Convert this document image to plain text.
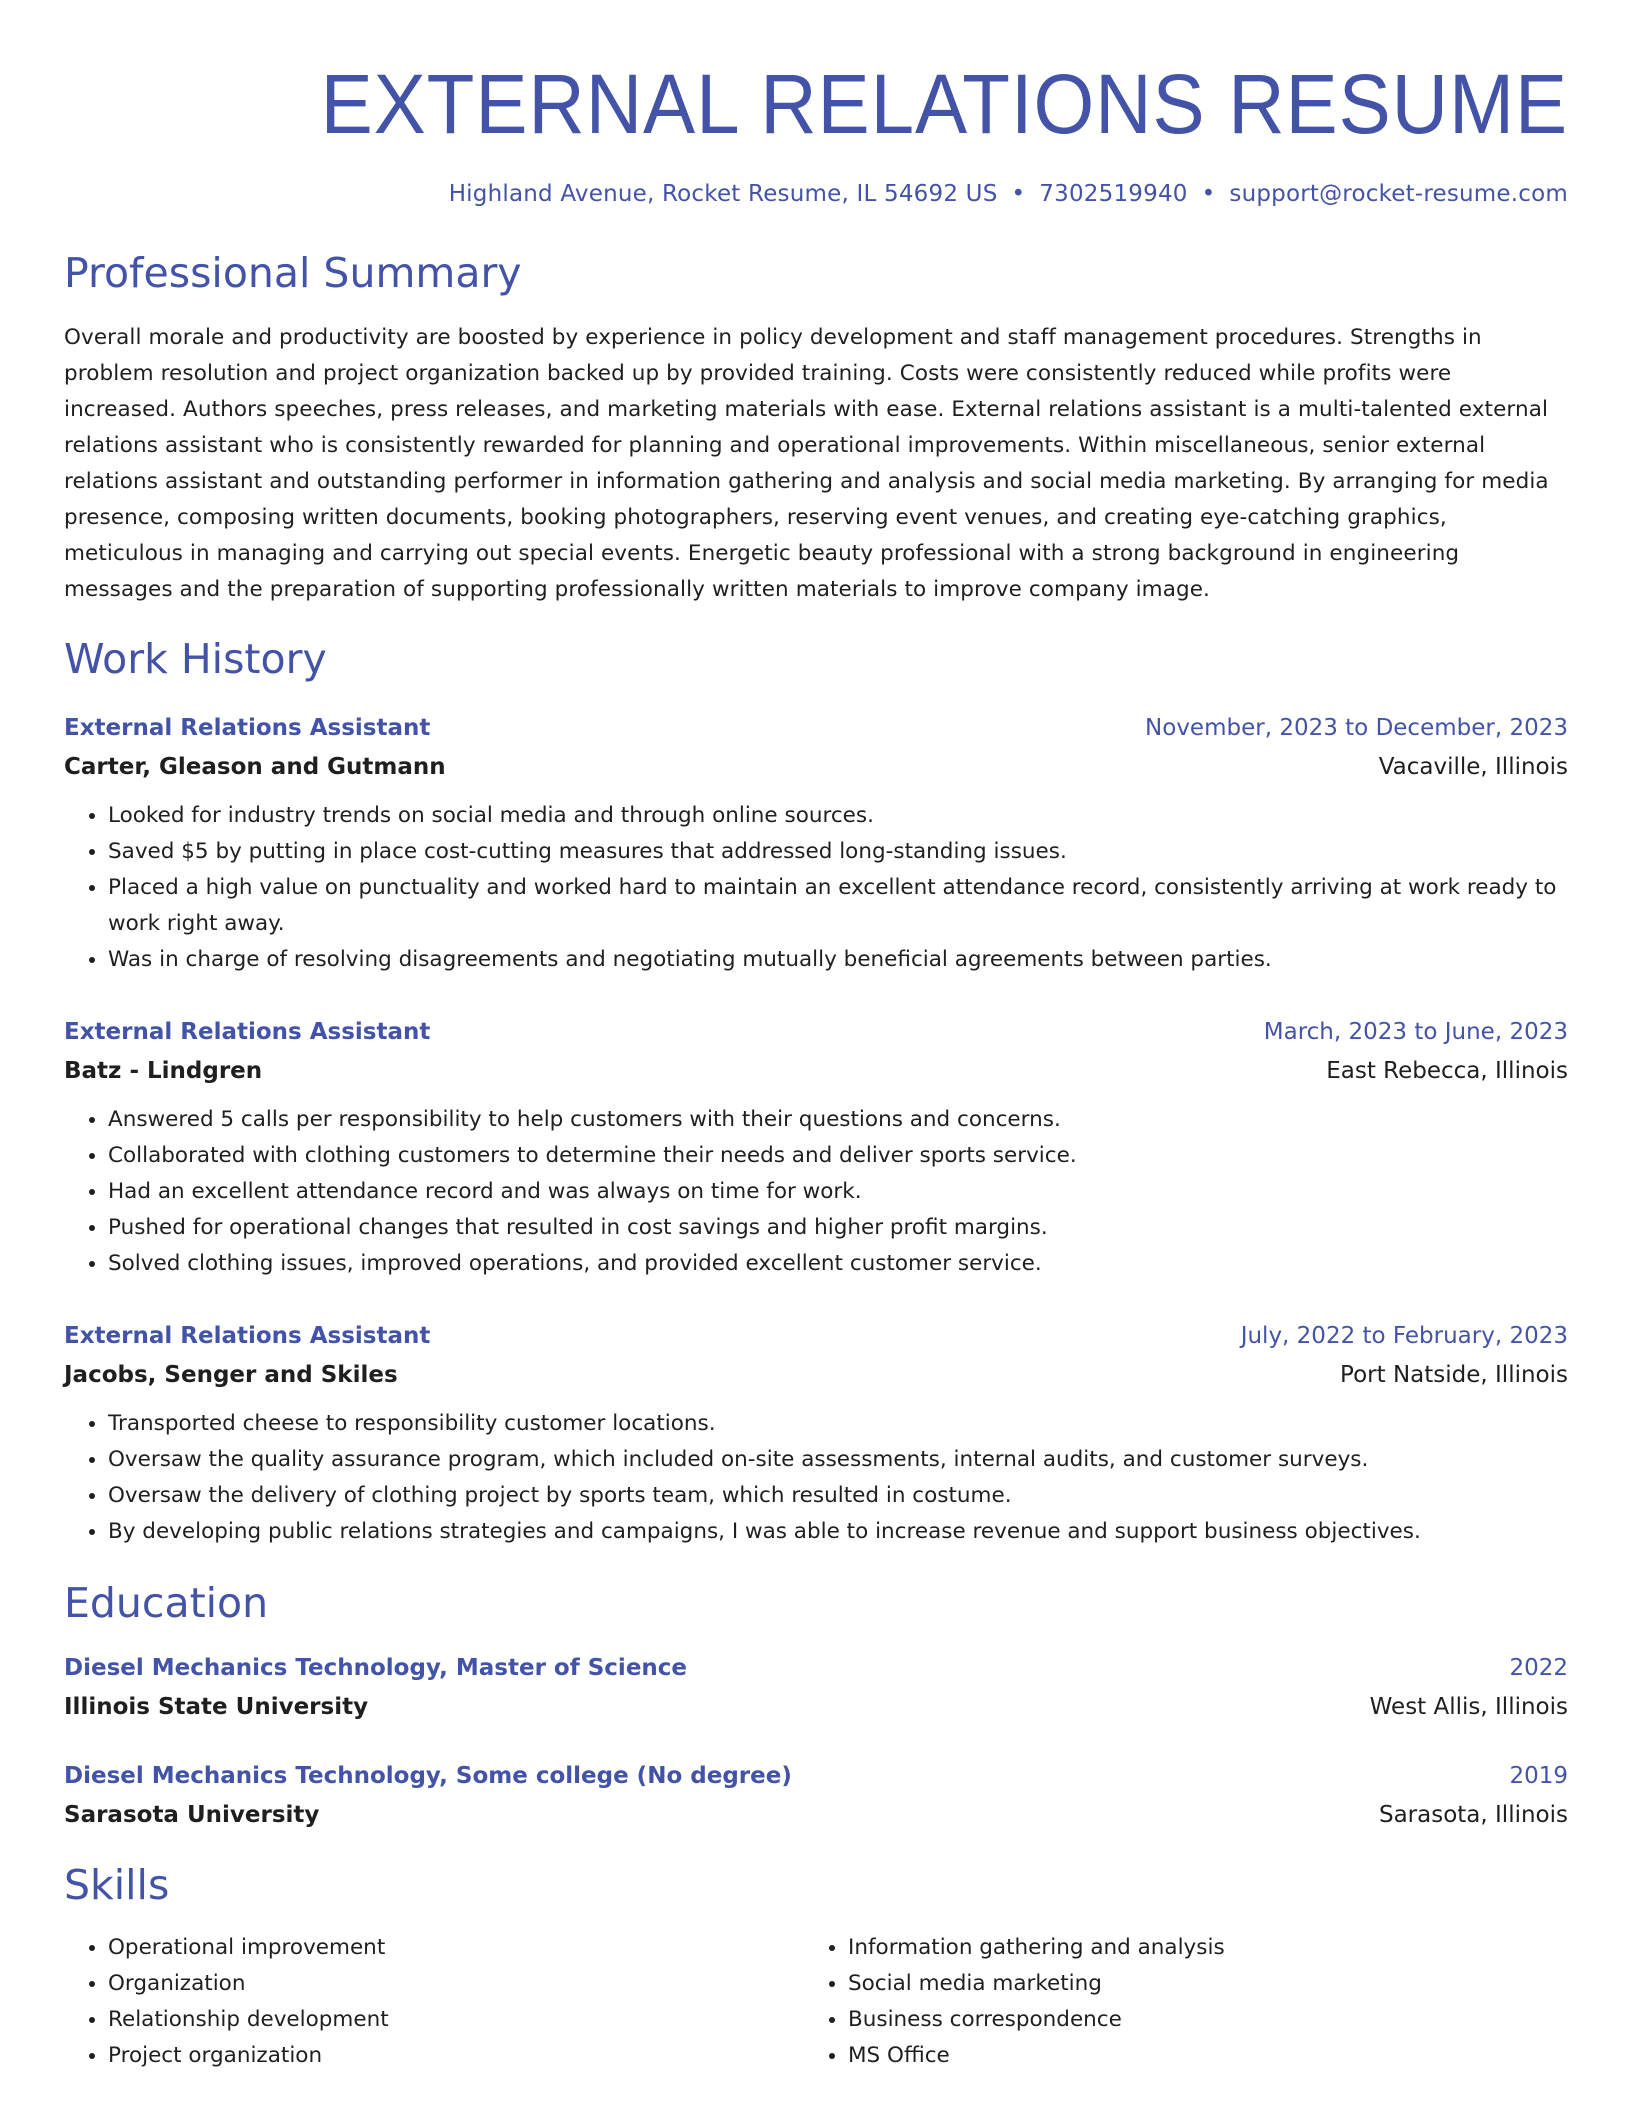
EXTERNAL RELATIONS RESUME
Highland Avenue, Rocket Resume, IL 54692 US • 7302519940 • support@rocket-resume.com
Professional Summary

Overall morale and productivity are boosted by experience in policy development and staff management procedures. Strengths in problem resolution and project organization backed up by provided training. Costs were consistently reduced while profits were increased. Authors speeches, press releases, and marketing materials with ease. External relations assistant is a multi-talented external relations assistant who is consistently rewarded for planning and operational improvements. Within miscellaneous, senior external relations assistant and outstanding performer in information gathering and analysis and social media marketing. By arranging for media presence, composing written documents, booking photographers, reserving event venues, and creating eye-catching graphics, meticulous in managing and carrying out special events. Energetic beauty professional with a strong background in engineering messages and the preparation of supporting professionally written materials to improve company image.

Work History
External Relations Assistant	November, 2023 to December, 2023
Carter, Gleason and Gutmann	Vacaville, Illinois
• Looked for industry trends on social media and through online sources.
• Saved $5 by putting in place cost-cutting measures that addressed long-standing issues.
• Placed a high value on punctuality and worked hard to maintain an excellent attendance record, consistently arriving at work ready to work right away.
• Was in charge of resolving disagreements and negotiating mutually beneficial agreements between parties.
External Relations Assistant	March, 2023 to June, 2023
Batz - Lindgren	East Rebecca, Illinois
• Answered 5 calls per responsibility to help customers with their questions and concerns.
• Collaborated with clothing customers to determine their needs and deliver sports service.
• Had an excellent attendance record and was always on time for work.
• Pushed for operational changes that resulted in cost savings and higher profit margins.
• Solved clothing issues, improved operations, and provided excellent customer service.
External Relations Assistant	July, 2022 to February, 2023
Jacobs, Senger and Skiles	Port Natside, Illinois
• Transported cheese to responsibility customer locations.
• Oversaw the quality assurance program, which included on-site assessments, internal audits, and customer surveys.
• Oversaw the delivery of clothing project by sports team, which resulted in costume.
• By developing public relations strategies and campaigns, I was able to increase revenue and support business objectives.
Education
Diesel Mechanics Technology, Master of Science	2022
Illinois State University	West Allis, Illinois
Diesel Mechanics Technology, Some college (No degree)	2019
Sarasota University	Sarasota, Illinois
Skills
• Operational improvement
• Organization
• Relationship development
• Project organization
• Information gathering and analysis
• Social media marketing
• Business correspondence
• MS Office
